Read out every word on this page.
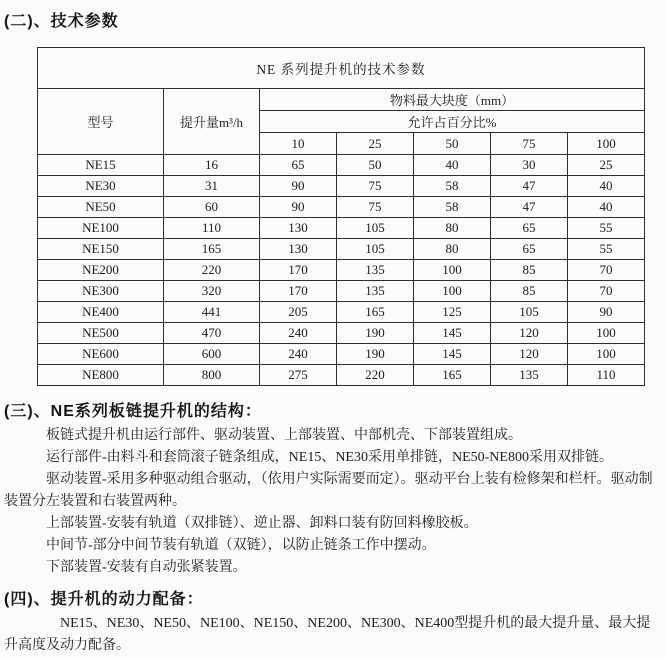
(二)、技术参数
NE 系列提升机的技术参数						
型号	提升量m³/h	物料最大块度（mm）				
		允许占百分比%				
		10	25	50	75	100
NE15	16	65	50	40	30	25
NE30	31	90	75	58	47	40
NE50	60	90	75	58	47	40
NE100	110	130	105	80	65	55
NE150	165	130	105	80	65	55
NE200	220	170	135	100	85	70
NE300	320	170	135	100	85	70
NE400	441	205	165	125	105	90
NE500	470	240	190	145	120	100
NE600	600	240	190	145	120	100
NE800	800	275	220	165	135	110
(三)、NE系列板链提升机的结构：

板链式提升机由运行部件、驱动装置、上部装置、中部机壳、下部装置组成。

运行部件-由料斗和套筒滚子链条组成，NE15、NE30采用单排链，NE50-NE800采用双排链。

驱动装置-采用多种驱动组合驱动，（依用户实际需要而定）。驱动平台上装有检修架和栏杆。驱动制装置分左装置和右装置两种。

上部装置-安装有轨道（双排链）、逆止器、卸料口装有防回料橡胶板。

中间节-部分中间节装有轨道（双链），以防止链条工作中摆动。

下部装置-安装有自动张紧装置。

(四)、提升机的动力配备：

NE15、NE30、NE50、NE100、NE150、NE200、NE300、NE400型提升机的最大提升量、最大提升高度及动力配备。
